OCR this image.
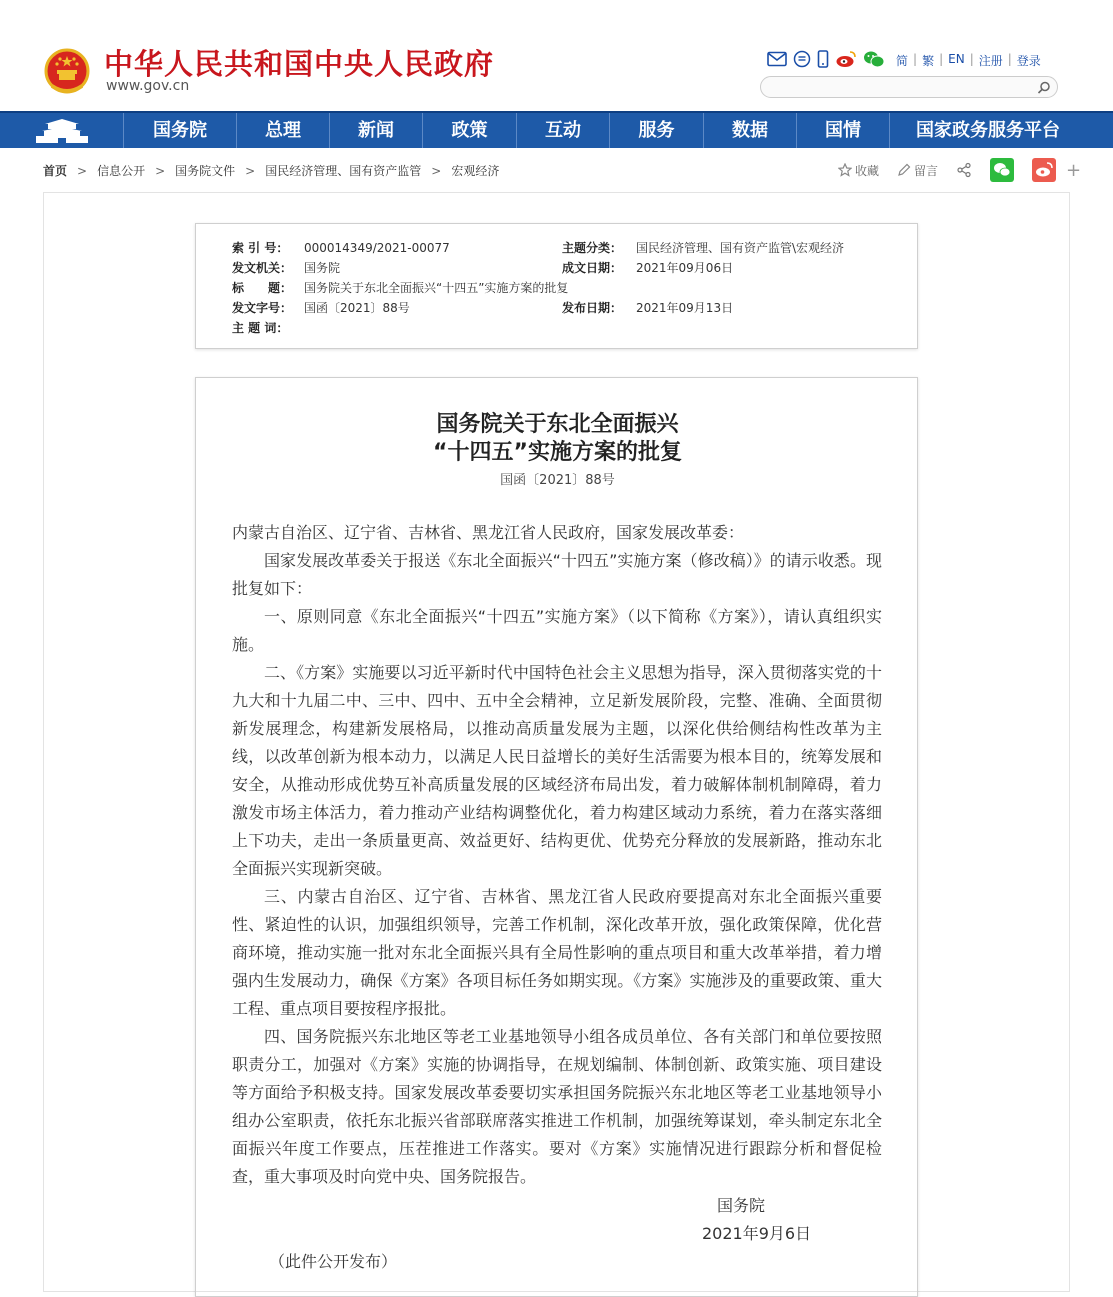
中华人民共和国中央人民政府
www.gov.cn
简 | 繁 | EN | 注册 | 登录
国务院	总理	新闻	政策	互动	服务	数据	国情	国家政务服务平台
首页 > 信息公开 > 国务院文件 > 国民经济管理、国有资产监管 > 宏观经济	收藏	留言	+
索 引 号： 000014349/2021-00077	主题分类： 国民经济管理、国有资产监管\宏观经济
发文机关： 国务院	成文日期： 2021年09月06日
标　　题： 国务院关于东北全面振兴“十四五”实施方案的批复
发文字号： 国函〔2021〕88号	发布日期： 2021年09月13日
主 题 词：
国务院关于东北全面振兴
“十四五”实施方案的批复
国函〔2021〕88号

内蒙古自治区、辽宁省、吉林省、黑龙江省人民政府，国家发展改革委：

国家发展改革委关于报送《东北全面振兴“十四五”实施方案（修改稿）》的请示收悉。现批复如下：

一、原则同意《东北全面振兴“十四五”实施方案》（以下简称《方案》），请认真组织实施。

二、《方案》实施要以习近平新时代中国特色社会主义思想为指导，深入贯彻落实党的十九大和十九届二中、三中、四中、五中全会精神，立足新发展阶段，完整、准确、全面贯彻新发展理念，构建新发展格局，以推动高质量发展为主题，以深化供给侧结构性改革为主线，以改革创新为根本动力，以满足人民日益增长的美好生活需要为根本目的，统筹发展和安全，从推动形成优势互补高质量发展的区域经济布局出发，着力破解体制机制障碍，着力激发市场主体活力，着力推动产业结构调整优化，着力构建区域动力系统，着力在落实落细上下功夫，走出一条质量更高、效益更好、结构更优、优势充分释放的发展新路，推动东北全面振兴实现新突破。

三、内蒙古自治区、辽宁省、吉林省、黑龙江省人民政府要提高对东北全面振兴重要性、紧迫性的认识，加强组织领导，完善工作机制，深化改革开放，强化政策保障，优化营商环境，推动实施一批对东北全面振兴具有全局性影响的重点项目和重大改革举措，着力增强内生发展动力，确保《方案》各项目标任务如期实现。《方案》实施涉及的重要政策、重大工程、重点项目要按程序报批。

四、国务院振兴东北地区等老工业基地领导小组各成员单位、各有关部门和单位要按照职责分工，加强对《方案》实施的协调指导，在规划编制、体制创新、政策实施、项目建设等方面给予积极支持。国家发展改革委要切实承担国务院振兴东北地区等老工业基地领导小组办公室职责，依托东北振兴省部联席落实推进工作机制，加强统筹谋划，牵头制定东北全面振兴年度工作要点，压茬推进工作落实。要对《方案》实施情况进行跟踪分析和督促检查，重大事项及时向党中央、国务院报告。

国务院
2021年9月6日
（此件公开发布）
